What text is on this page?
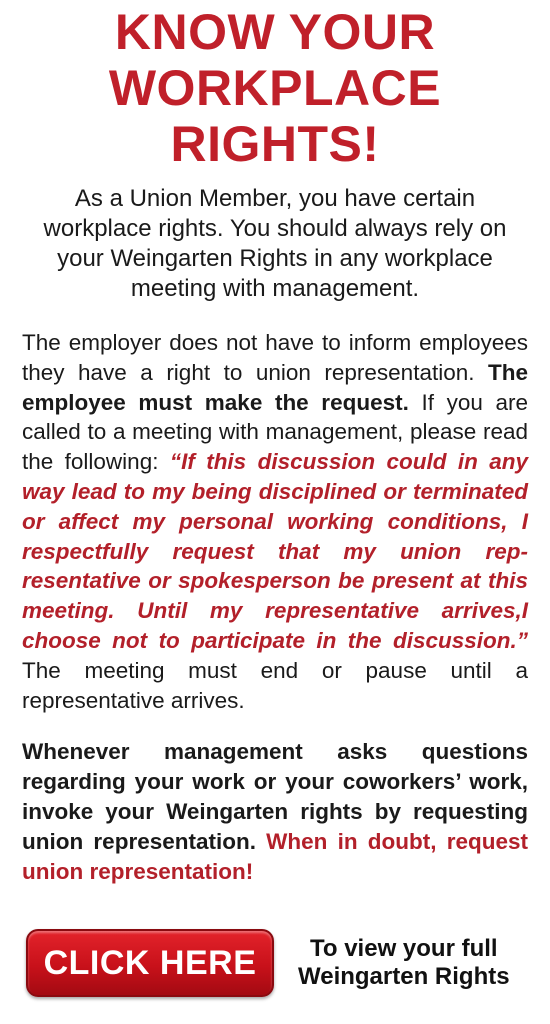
KNOW YOUR
WORKPLACE RIGHTS!

As a Union Member, you have certain workplace rights. You should always rely on your Weingarten Rights in any workplace meeting with management.

The employer does not have to inform employees they have a right to union representation. The employee must make the request. If you are called to a meeting with management, please read the following: “If this discussion could in any way lead to my being disciplined or terminated or affect my personal working conditions, I respectfully request that my union representative or spokesperson be present at this meeting. Until my representative arrives,I choose not to participate in the discussion.” The meeting must end or pause until a representative arrives.

Whenever management asks questions regarding your work or your coworkers’ work, invoke your Weingarten rights by requesting union representation. When in doubt, request union representation!

CLICK HERE	To view your full
Weingarten Rights
